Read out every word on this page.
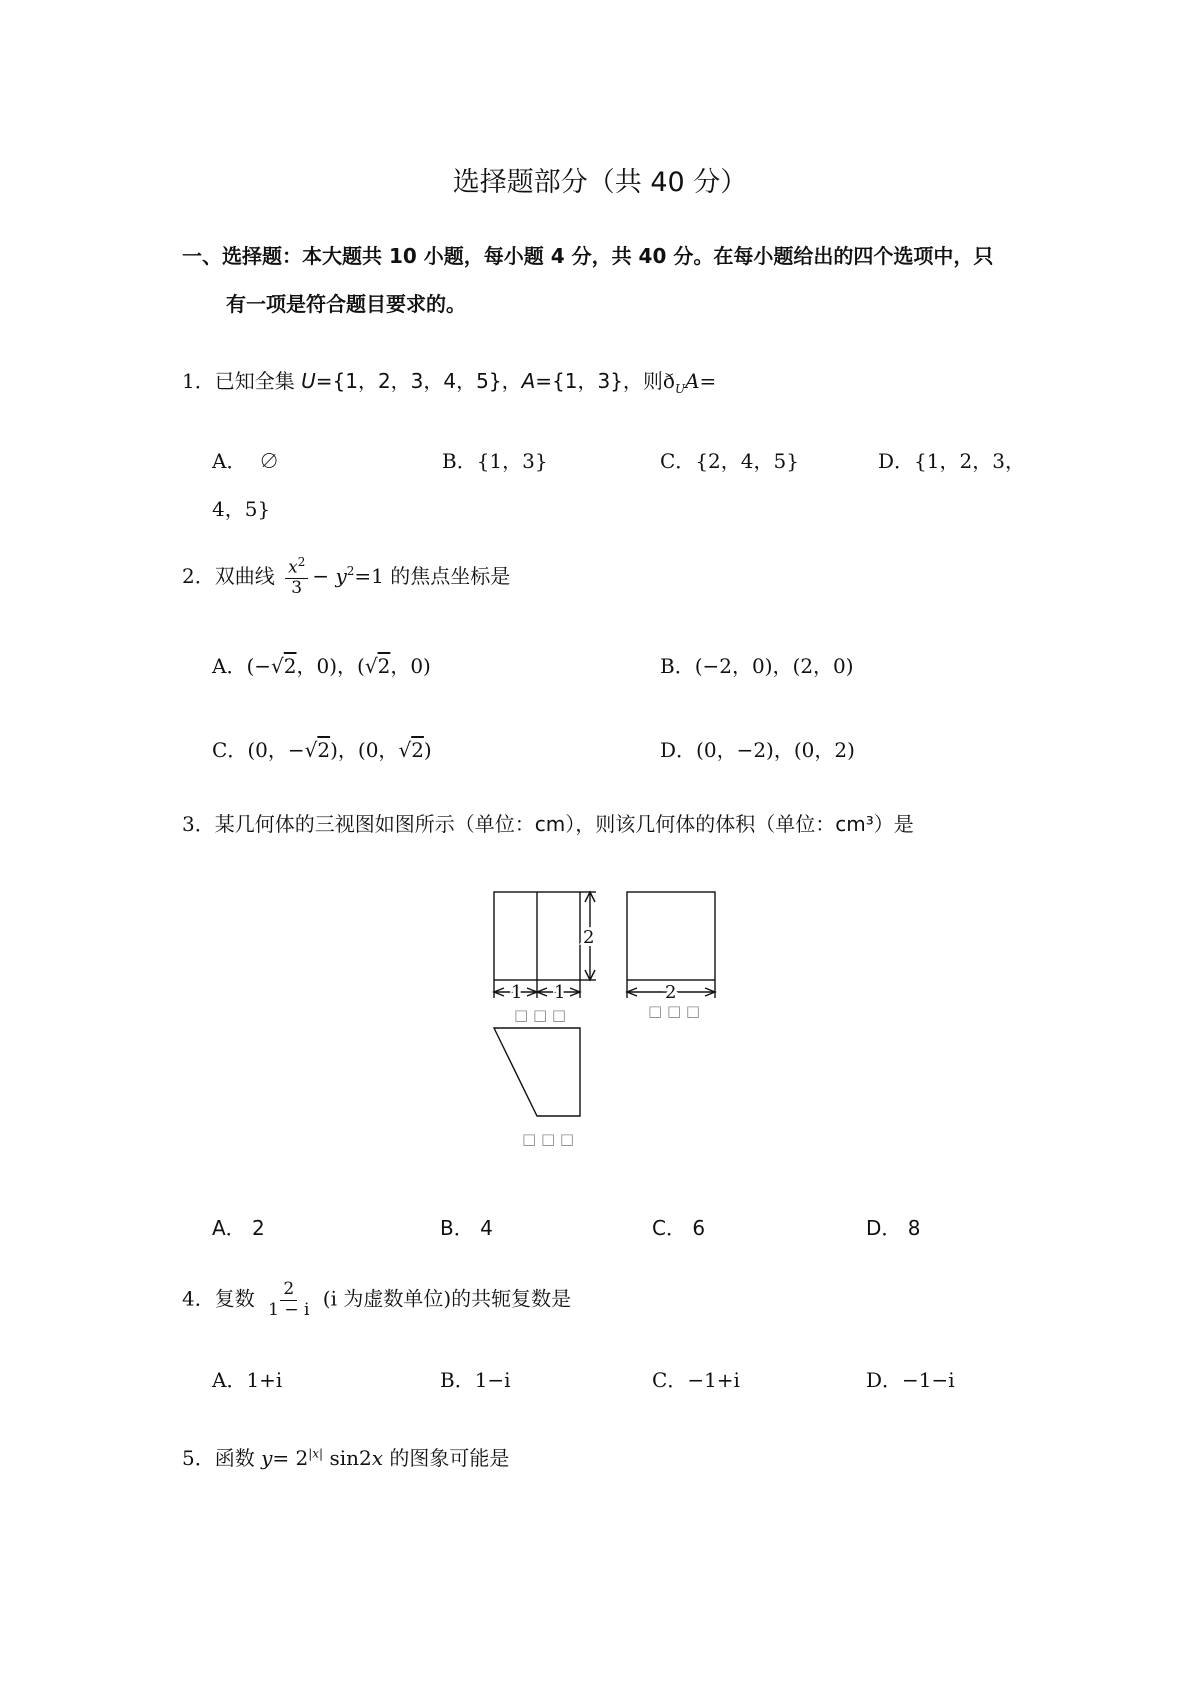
选择题部分（共 40 分）
一、选择题：本大题共 10 小题，每小题 4 分，共 40 分。在每小题给出的四个选项中，只
有一项是符合题目要求的。
1．已知全集 U={1，2，3，4，5}，A={1，3}，则$ð_UA=$
A． ∅	B．{1，3}	C．{2，4，5}	D．{1，2，3，
4，5}
2．双曲线 $\frac{x^2}{3} - y^2=1$ 的焦点坐标是
A．(−√2，0)，(√2，0)	B．(−2，0)，(2，0)
C．(0，−√2)，(0，√2)	D．(0，−2)，(0，2)
3．某几何体的三视图如图所示（单位：cm），则该几何体的体积（单位：cm³）是
2
1 1	2
□ □ □	□ □ □
□ □ □
A． 2	B． 4	C． 6	D． 8
4．复数 $\frac{2}{1 - i} (i$ 为虚数单位)的共轭复数是
A．1+i	B．1−i	C．−1+i	D．−1−i
5．函数 $y= 2^{|x|}$ sin2x 的图象可能是
